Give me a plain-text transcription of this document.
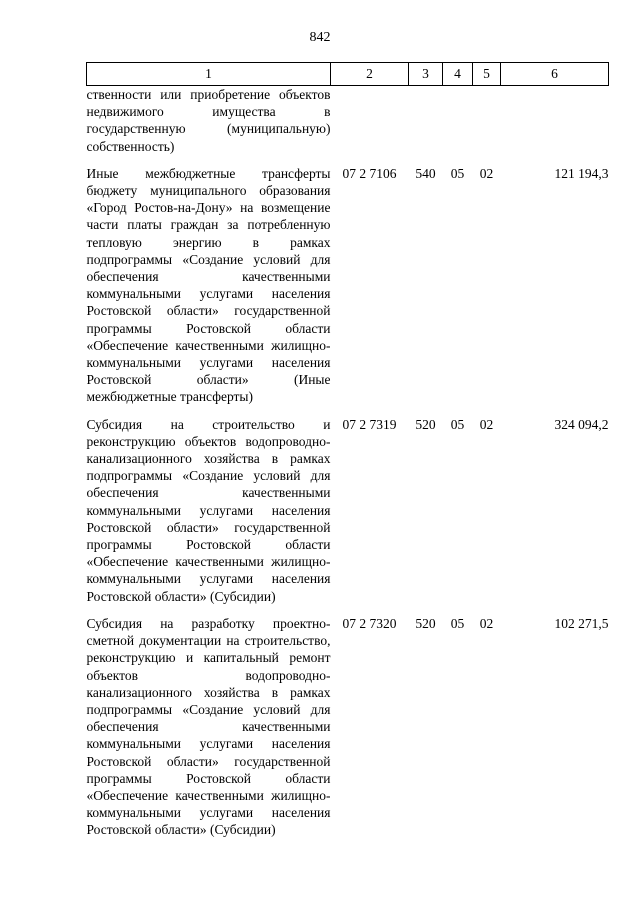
842
1	2	3	4	5	6
ственности или приобретение объектов недвижимого имущества в государственную (муниципальную) собственность)					
Иные межбюджетные трансферты бюджету муниципального образования «Город Ростов-на-Дону» на возмещение части платы граждан за потребленную тепловую энергию в рамках подпрограммы «Создание условий для обеспечения качественными коммунальными услугами населения Ростовской области» государственной программы Ростовской области «Обеспечение качественными жилищно-коммунальными услугами населения Ростовской области» (Иные межбюджетные трансферты)	07 2 7106	540	05	02	121 194,3
Субсидия на строительство и реконструкцию объектов водопроводно-канализационного хозяйства в рамках подпрограммы «Создание условий для обеспечения качественными коммунальными услугами населения Ростовской области» государственной программы Ростовской области «Обеспечение качественными жилищно-коммунальными услугами населения Ростовской области» (Субсидии)	07 2 7319	520	05	02	324 094,2
Субсидия на разработку проектно-сметной документации на строительство, реконструкцию и капитальный ремонт объектов водопроводно-канализационного хозяйства в рамках подпрограммы «Создание условий для обеспечения качественными коммунальными услугами населения Ростовской области» государственной программы Ростовской области «Обеспечение качественными жилищно-коммунальными услугами населения Ростовской области» (Субсидии)	07 2 7320	520	05	02	102 271,5
